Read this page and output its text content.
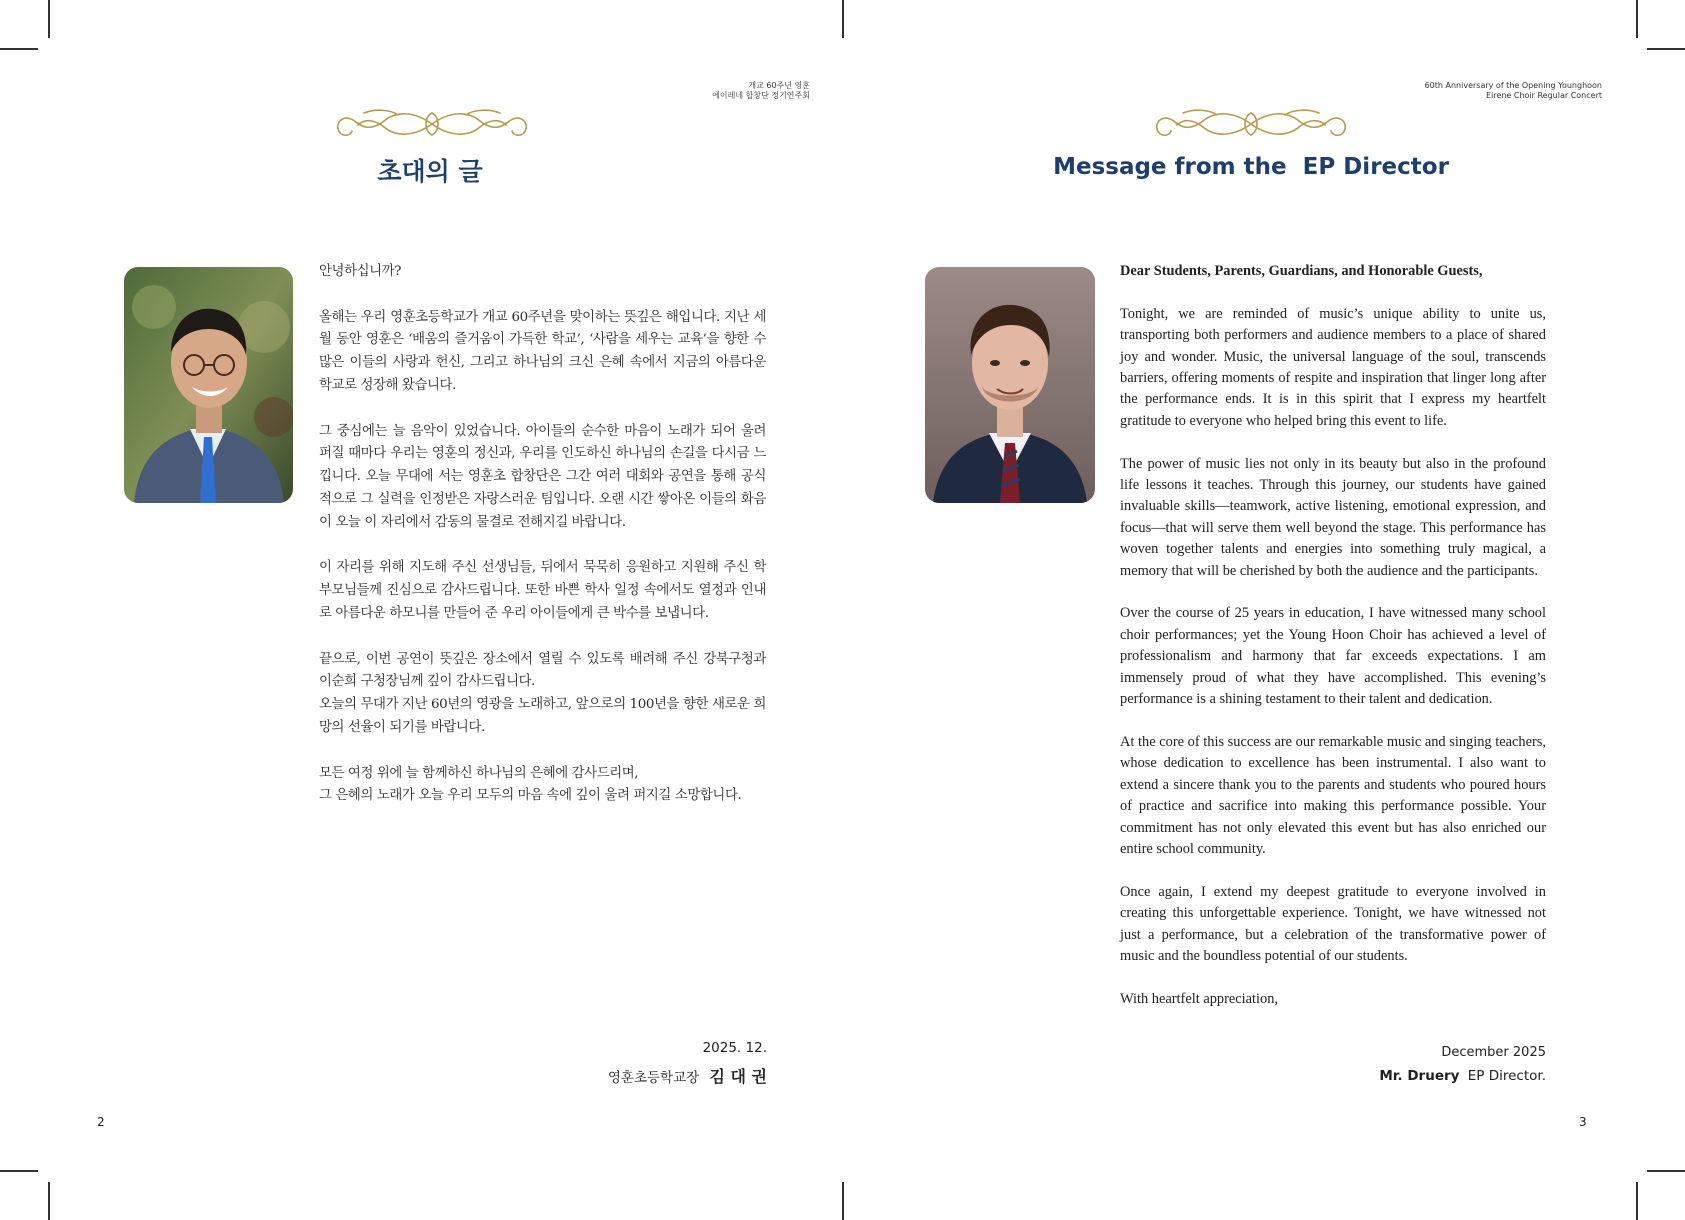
개교 60주년 영훈
에이레네 합창단 정기연주회
초대의 글

안녕하십니까?

올해는 우리 영훈초등학교가 개교 60주년을 맞이하는 뜻깊은 해입니다. 지난 세월 동안 영훈은 ‘배움의 즐거움이 가득한 학교’, ‘사람을 세우는 교육’을 향한 수많은 이들의 사랑과 헌신, 그리고 하나님의 크신 은혜 속에서 지금의 아름다운 학교로 성장해 왔습니다.

그 중심에는 늘 음악이 있었습니다. 아이들의 순수한 마음이 노래가 되어 울려 퍼질 때마다 우리는 영훈의 정신과, 우리를 인도하신 하나님의 손길을 다시금 느낍니다. 오늘 무대에 서는 영훈초 합창단은 그간 여러 대회와 공연을 통해 공식적으로 그 실력을 인정받은 자랑스러운 팀입니다. 오랜 시간 쌓아온 이들의 화음이 오늘 이 자리에서 감동의 물결로 전해지길 바랍니다.

이 자리를 위해 지도해 주신 선생님들, 뒤에서 묵묵히 응원하고 지원해 주신 학부모님들께 진심으로 감사드립니다. 또한 바쁜 학사 일정 속에서도 열정과 인내로 아름다운 하모니를 만들어 준 우리 아이들에게 큰 박수를 보냅니다.

끝으로, 이번 공연이 뜻깊은 장소에서 열릴 수 있도록 배려해 주신 강북구청과 이순희 구청장님께 깊이 감사드립니다.
오늘의 무대가 지난 60년의 영광을 노래하고, 앞으로의 100년을 향한 새로운 희망의 선율이 되기를 바랍니다.

모든 여정 위에 늘 함께하신 하나님의 은혜에 감사드리며,
그 은혜의 노래가 오늘 우리 모두의 마음 속에 깊이 울려 퍼지길 소망합니다.

2025. 12.
영훈초등학교장 김 대 권
2
60th Anniversary of the Opening Younghoon
Eirene Choir Regular Concert
Message from the  EP Director

Dear Students, Parents, Guardians, and Honorable Guests,

Tonight, we are reminded of music’s unique ability to unite us, transporting both performers and audience members to a place of shared joy and wonder. Music, the universal language of the soul, transcends barriers, offering moments of respite and inspiration that linger long after the performance ends. It is in this spirit that I express my heartfelt gratitude to everyone who helped bring this event to life.

The power of music lies not only in its beauty but also in the profound life lessons it teaches. Through this journey, our students have gained invaluable skills—teamwork, active listening, emotional expression, and focus—that will serve them well beyond the stage. This performance has woven together talents and energies into something truly magical, a memory that will be cherished by both the audience and the participants.

Over the course of 25 years in education, I have witnessed many school choir performances; yet the Young Hoon Choir has achieved a level of professionalism and harmony that far exceeds expectations. I am immensely proud of what they have accomplished. This evening’s performance is a shining testament to their talent and dedication.

At the core of this success are our remarkable music and singing teachers, whose dedication to excellence has been instrumental. I also want to extend a sincere thank you to the parents and students who poured hours of practice and sacrifice into making this performance possible. Your commitment has not only elevated this event but has also enriched our entire school community.

Once again, I extend my deepest gratitude to everyone involved in creating this unforgettable experience. Tonight, we have witnessed not just a performance, but a celebration of the transformative power of music and the boundless potential of our students.

With heartfelt appreciation,

December 2025
Mr. Druery EP Director.
3
